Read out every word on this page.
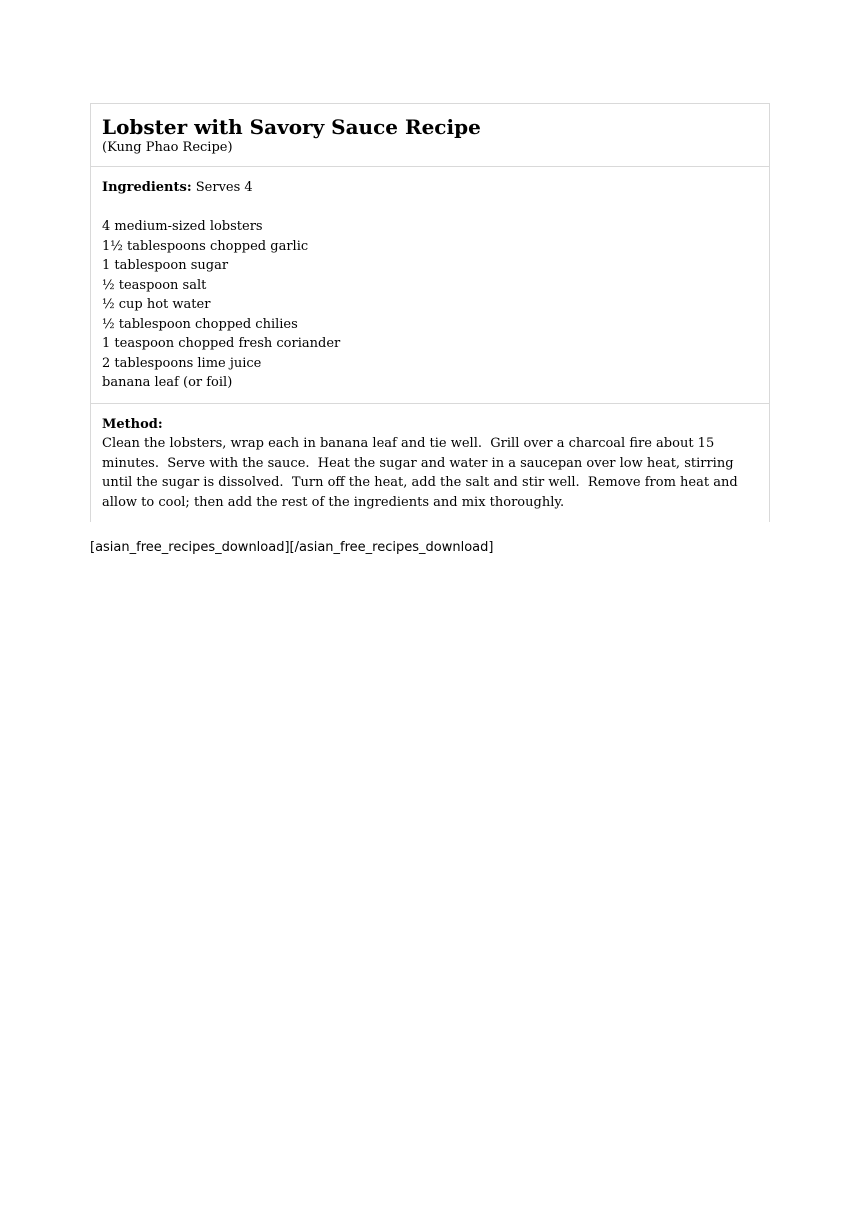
Lobster with Savory Sauce Recipe
(Kung Phao Recipe)
Ingredients: Serves 4
4 medium-sized lobsters
1½ tablespoons chopped garlic
1 tablespoon sugar
½ teaspoon salt
½ cup hot water
½ tablespoon chopped chilies
1 teaspoon chopped fresh coriander
2 tablespoons lime juice
banana leaf (or foil)
Method:
Clean the lobsters, wrap each in banana leaf and tie well.  Grill over a charcoal fire about 15 minutes.  Serve with the sauce.  Heat the sugar and water in a saucepan over low heat, stirring until the sugar is dissolved.  Turn off the heat, add the salt and stir well.  Remove from heat and allow to cool; then add the rest of the ingredients and mix thoroughly.
[asian_free_recipes_download][/asian_free_recipes_download]
